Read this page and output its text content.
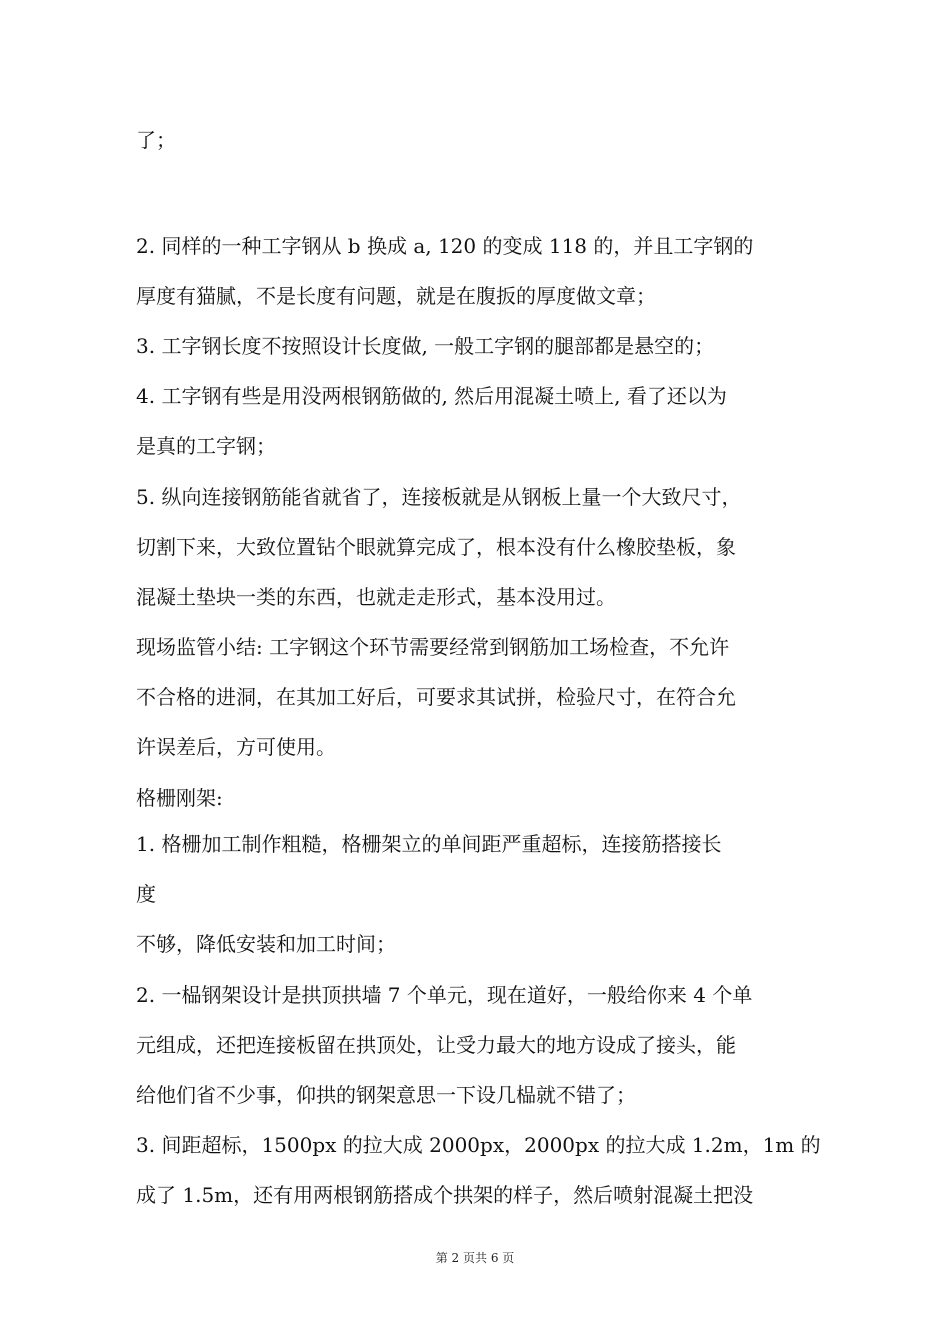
了；
2. 同样的一种工字钢从 b 换成 a, 120 的变成 118 的，并且工字钢的
厚度有猫腻，不是长度有问题，就是在腹扳的厚度做文章；
3. 工字钢长度不按照设计长度做, 一般工字钢的腿部都是悬空的；
4. 工字钢有些是用没两根钢筋做的, 然后用混凝土喷上, 看了还以为
是真的工字钢；
5. 纵向连接钢筋能省就省了，连接板就是从钢板上量一个大致尺寸，
切割下来，大致位置钻个眼就算完成了，根本没有什么橡胶垫板，象
混凝土垫块一类的东西，也就走走形式，基本没用过。
现场监管小结: 工字钢这个环节需要经常到钢筋加工场检查，不允许
不合格的进洞，在其加工好后，可要求其试拼，检验尺寸，在符合允
许误差后，方可使用。
格栅刚架:
1. 格栅加工制作粗糙，格栅架立的单间距严重超标，连接筋搭接长
度
不够，降低安装和加工时间；
2. 一榀钢架设计是拱顶拱墙 7 个单元，现在道好，一般给你来 4 个单
元组成，还把连接板留在拱顶处，让受力最大的地方设成了接头，能
给他们省不少事，仰拱的钢架意思一下设几榀就不错了；
3. 间距超标，1500px 的拉大成 2000px，2000px 的拉大成 1.2m，1m 的
成了 1.5m，还有用两根钢筋搭成个拱架的样子，然后喷射混凝土把没
第 2 页共 6 页
